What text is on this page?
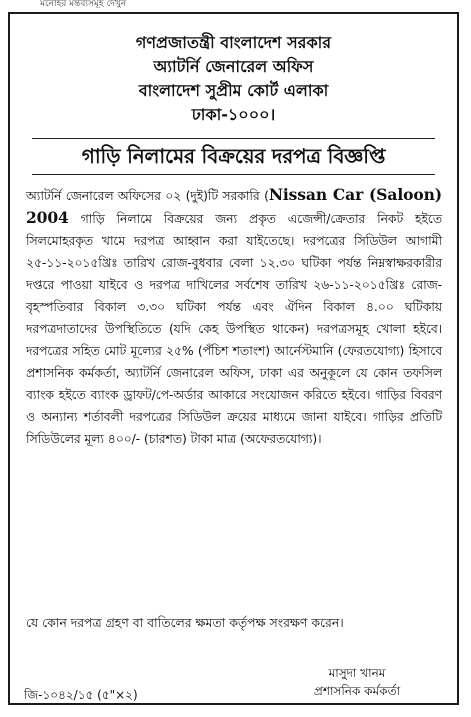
মনোহর মন্তব্যসমূহ দেখুন
গণপ্রজাতন্ত্রী বাংলাদেশ সরকার
অ্যাটর্নি জেনারেল অফিস
বাংলাদেশ সুপ্রীম কোর্ট এলাকা
ঢাকা-১০০০।
গাড়ি নিলামের বিক্রয়ের দরপত্র বিজ্ঞপ্তি
অ্যাটর্নি জেনারেল অফিসের ০২ (দুই)টি সরকারি (Nissan Car (Saloon) 2004 গাড়ি নিলামে বিক্রয়ের জন্য প্রকৃত এজেন্সী/ক্রেতার নিকট হইতে সিলমোহরকৃত খামে দরপত্র আহ্বান করা যাইতেছে। দরপত্রের সিডিউল আগামী ২৫-১১-২০১৫খ্রিঃ তারিখ রোজ-বুধবার বেলা ১২.৩০ ঘটিকা পর্যন্ত নিম্নস্বাক্ষরকারীর দপ্তরে পাওয়া যাইবে ও দরপত্র দাখিলের সর্বশেষ তারিখ ২৬-১১-২০১৫খ্রিঃ রোজ-বৃহস্পতিবার বিকাল ৩.৩০ ঘটিকা পর্যন্ত এবং ঐদিন বিকাল ৪.০০ ঘটিকায় দরপত্রদাতাদের উপস্থিতিতে (যদি কেহ উপস্থিত থাকেন) দরপত্রসমূহ খোলা হইবে। দরপত্রের সহিত মোট মূল্যের ২৫% (পঁচিশ শতাংশ) আর্নেস্টমানি (ফেরতযোগ্য) হিসাবে প্রশাসনিক কর্মকর্তা, অ্যাটর্নি জেনারেল অফিস, ঢাকা এর অনুকূলে যে কোন তফসিল ব্যাংক হইতে ব্যাংক ড্রাফট/পে-অর্ডার আকারে সংযোজন করিতে হইবে। গাড়ির বিবরণ ও অন্যান্য শর্তাবলী দরপত্রের সিডিউল ক্রয়ের মাধ্যমে জানা যাইবে। গাড়ির প্রতিটি সিডিউলের মূল্য ৪০০/- (চারশত) টাকা মাত্র (অফেরতযোগ্য)।
যে কোন দরপত্র গ্রহণ বা বাতিলের ক্ষমতা কর্তৃপক্ষ সংরক্ষণ করেন।
মাসুদা খানম
প্রশাসনিক কর্মকর্তা
জি-১০৪২/১৫ (৫"×২)
